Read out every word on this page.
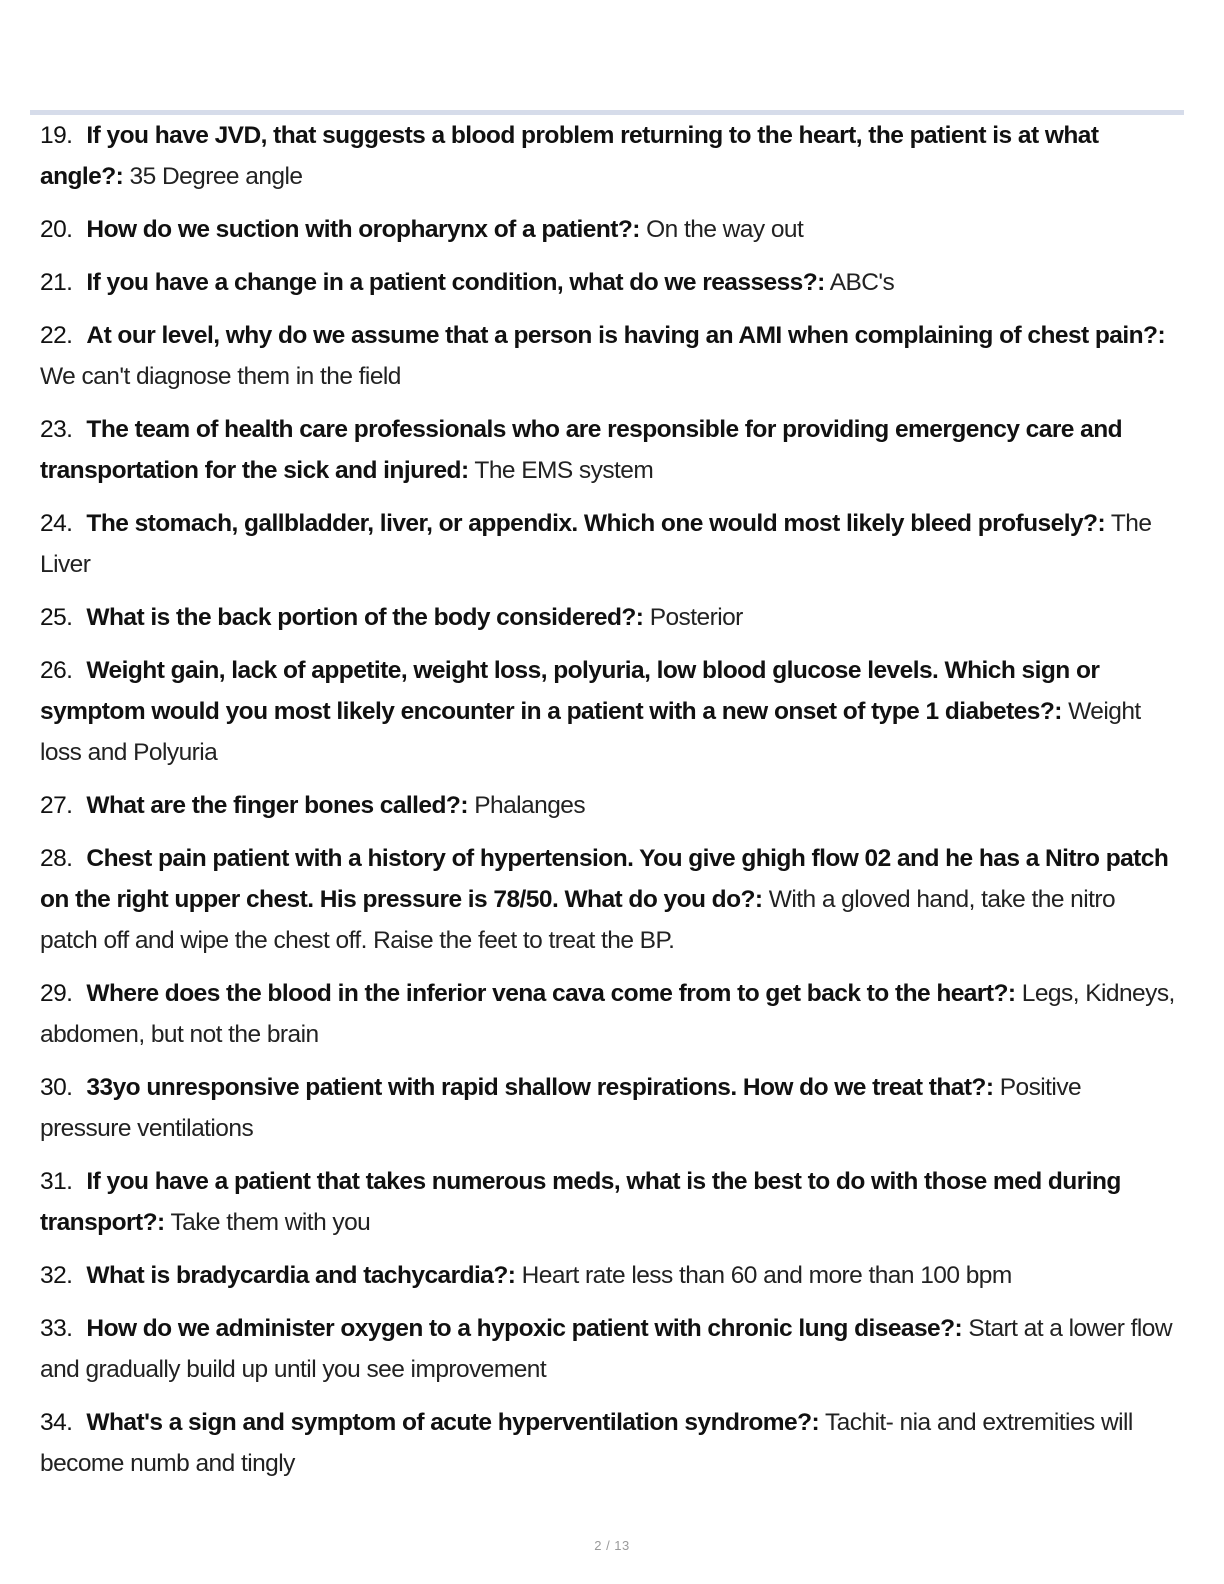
19. If you have JVD, that suggests a blood problem returning to the heart, the patient is at what angle?: 35 Degree angle
20. How do we suction with oropharynx of a patient?: On the way out
21. If you have a change in a patient condition, what do we reassess?: ABC's
22. At our level, why do we assume that a person is having an AMI when complaining of chest pain?: We can't diagnose them in the field
23. The team of health care professionals who are responsible for providing emergency care and transportation for the sick and injured: The EMS system
24. The stomach, gallbladder, liver, or appendix. Which one would most likely bleed profusely?: The Liver
25. What is the back portion of the body considered?: Posterior
26. Weight gain, lack of appetite, weight loss, polyuria, low blood glucose levels. Which sign or symptom would you most likely encounter in a patient with a new onset of type 1 diabetes?: Weight loss and Polyuria
27. What are the finger bones called?: Phalanges
28. Chest pain patient with a history of hypertension. You give ghigh flow 02 and he has a Nitro patch on the right upper chest. His pressure is 78/50. What do you do?: With a gloved hand, take the nitro patch off and wipe the chest off. Raise the feet to treat the BP.
29. Where does the blood in the inferior vena cava come from to get back to the heart?: Legs, Kidneys, abdomen, but not the brain
30. 33yo unresponsive patient with rapid shallow respirations. How do we treat that?: Positive pressure ventilations
31. If you have a patient that takes numerous meds, what is the best to do with those med during transport?: Take them with you
32. What is bradycardia and tachycardia?: Heart rate less than 60 and more than 100 bpm
33. How do we administer oxygen to a hypoxic patient with chronic lung disease?: Start at a lower flow and gradually build up until you see improvement
34. What's a sign and symptom of acute hyperventilation syndrome?: Tachit- nia and extremities will become numb and tingly
2 / 13
